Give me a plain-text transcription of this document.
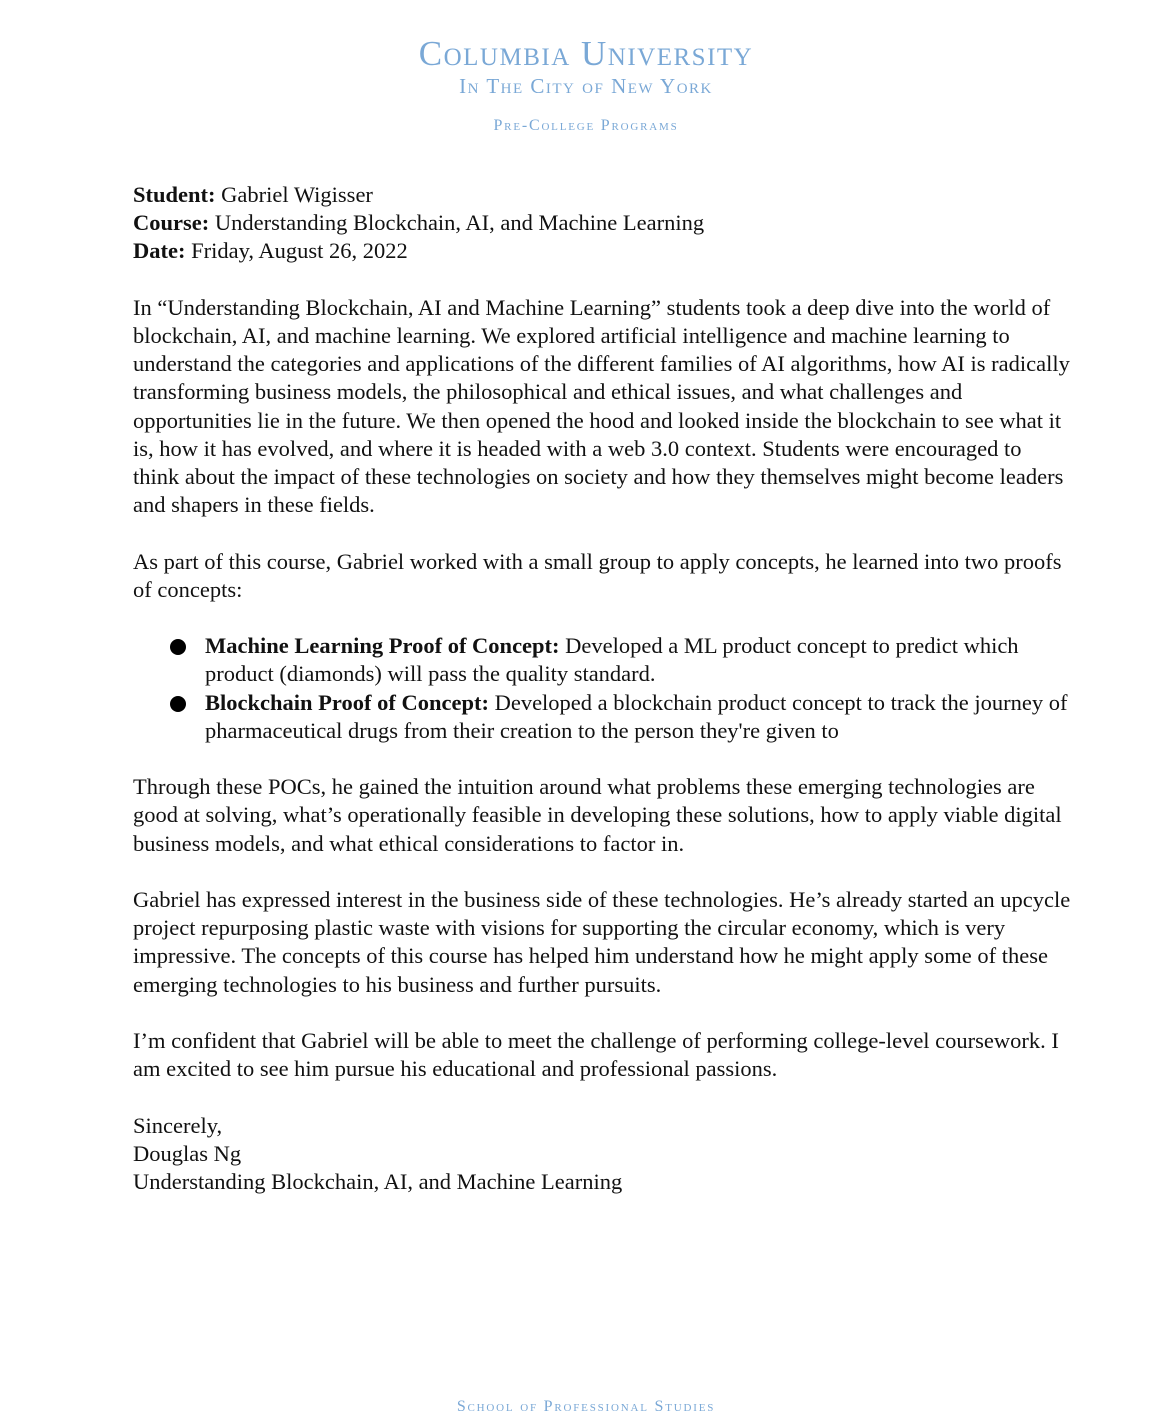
Columbia University
In The City of New York
Pre-College Programs
Student: Gabriel Wigisser
Course: Understanding Blockchain, AI, and Machine Learning
Date: Friday, August 26, 2022

In “Understanding Blockchain, AI and Machine Learning” students took a deep dive into the world of blockchain, AI, and machine learning. We explored artificial intelligence and machine learning to understand the categories and applications of the different families of AI algorithms, how AI is radically transforming business models, the philosophical and ethical issues, and what challenges and opportunities lie in the future. We then opened the hood and looked inside the blockchain to see what it is, how it has evolved, and where it is headed with a web 3.0 context. Students were encouraged to think about the impact of these technologies on society and how they themselves might become leaders and shapers in these fields.

As part of this course, Gabriel worked with a small group to apply concepts, he learned into two proofs of concepts:

Machine Learning Proof of Concept: Developed a ML product concept to predict which product (diamonds) will pass the quality standard.
Blockchain Proof of Concept: Developed a blockchain product concept to track the journey of pharmaceutical drugs from their creation to the person they're given to

Through these POCs, he gained the intuition around what problems these emerging technologies are good at solving, what’s operationally feasible in developing these solutions, how to apply viable digital business models, and what ethical considerations to factor in.

Gabriel has expressed interest in the business side of these technologies. He’s already started an upcycle project repurposing plastic waste with visions for supporting the circular economy, which is very impressive. The concepts of this course has helped him understand how he might apply some of these emerging technologies to his business and further pursuits.

I’m confident that Gabriel will be able to meet the challenge of performing college-level coursework. I am excited to see him pursue his educational and professional passions.

Sincerely,

Douglas Ng

Understanding Blockchain, AI, and Machine Learning

School of Professional Studies
